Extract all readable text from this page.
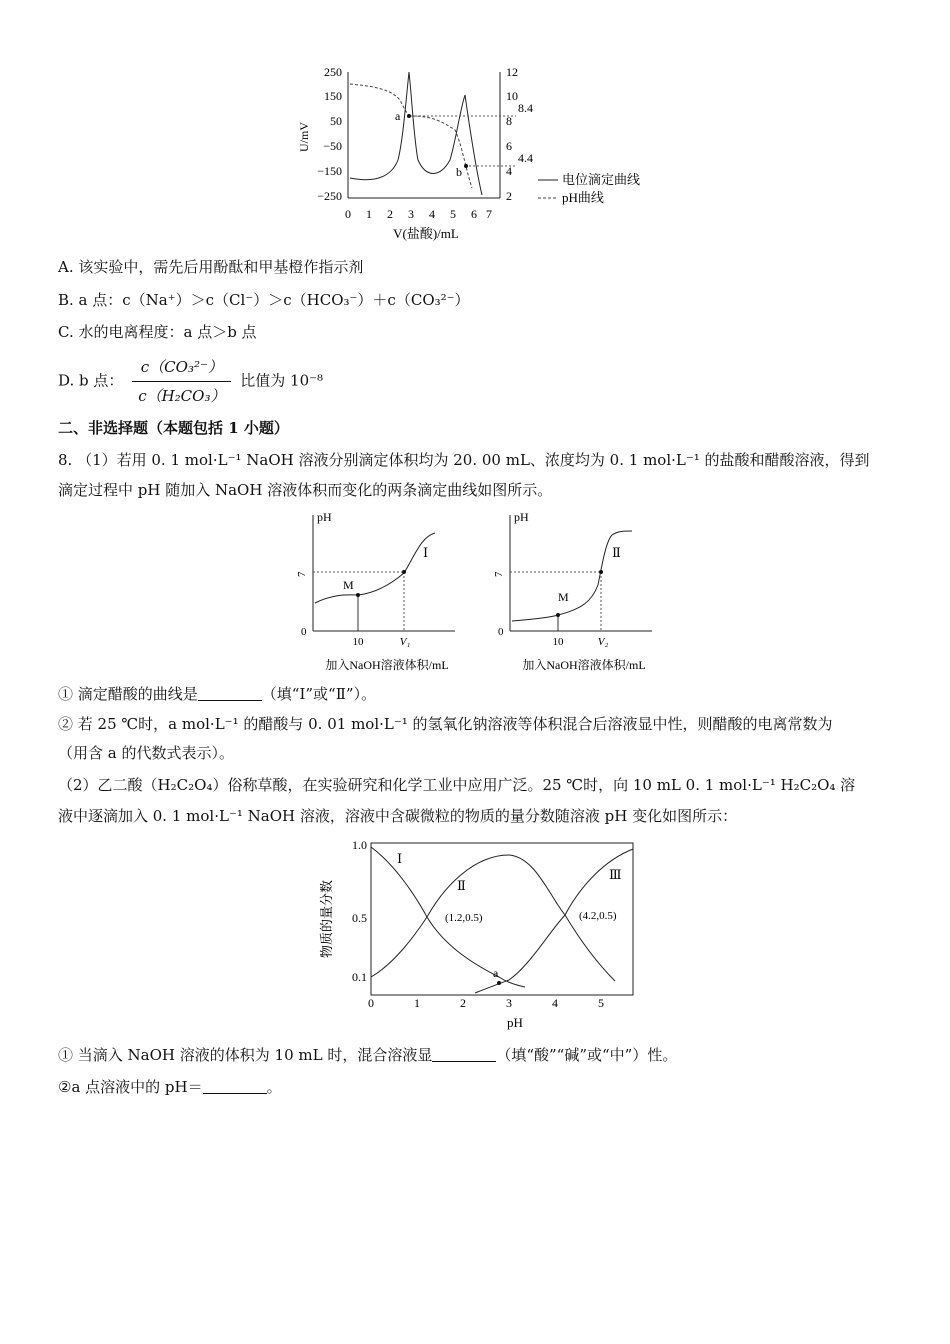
250
150
50
−50
−150
−250
U/mV
12
10
8
6
4
2
8.4
4.4
0 1 2 3 4 5 6 7
V(盐酸)/mL
a
b	电位滴定曲线
pH曲线
A. 该实验中，需先后用酚酞和甲基橙作指示剂
B. a 点：c（Na⁺）＞c（Cl⁻）＞c（HCO₃⁻）＋c（CO₃²⁻）
C. 水的电离程度：a 点＞b 点
D. b 点： $\frac{\text{c（CO₃²⁻）}}{\text{c（H₂CO₃）}}$ 比值为 10⁻⁸
二、非选择题（本题包括 1 小题）
8. （1）若用 0. 1 mol·L⁻¹ NaOH 溶液分别滴定体积均为 20. 00 mL、浓度均为 0. 1 mol·L⁻¹ 的盐酸和醋酸溶液，得到
滴定过程中 pH 随加入 NaOH 溶液体积而变化的两条滴定曲线如图所示。
pH
7
0
10	V₁
M
Ⅰ
加入NaOH溶液体积/mL
pH
7
0
10	V₂
M
Ⅱ
加入NaOH溶液体积/mL
① 滴定醋酸的曲线是	（填“Ⅰ”或“Ⅱ”）。
② 若 25 ℃时，a mol·L⁻¹ 的醋酸与 0. 01 mol·L⁻¹ 的氢氧化钠溶液等体积混合后溶液显中性，则醋酸的电离常数为
（用含 a 的代数式表示）。
（2）乙二酸（H₂C₂O₄）俗称草酸，在实验研究和化学工业中应用广泛。25 ℃时，向 10 mL 0. 1 mol·L⁻¹ H₂C₂O₄ 溶
液中逐滴加入 0. 1 mol·L⁻¹ NaOH 溶液，溶液中含碳微粒的物质的量分数随溶液 pH 变化如图所示：
1.0
0.5
0.1
物质的量分数
0	1	2	3	4	5
pH
a
(1.2,0.5)	(4.2,0.5)
Ⅰ
Ⅱ
Ⅲ
① 当滴入 NaOH 溶液的体积为 10 mL 时，混合溶液显	（填“酸”“碱”或“中”）性。
②a 点溶液中的 pH＝	。
